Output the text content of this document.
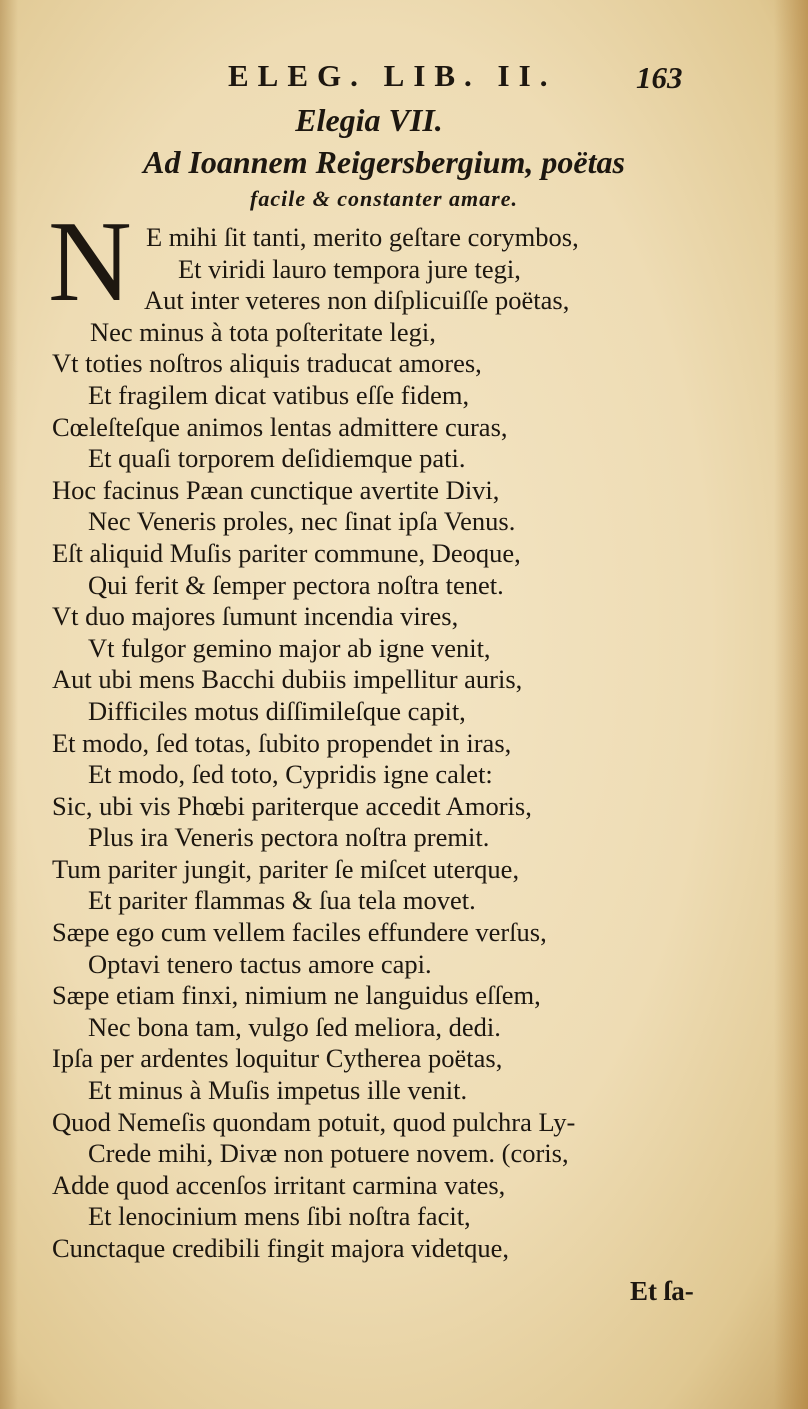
ELEG. LIB. II.	163
Elegia VII.
Ad Ioannem Reigersbergium, poëtas
facile & constanter amare.
N E mihi ſit tanti, merito geſtare corymbos,
Et viridi lauro tempora jure tegi,
Aut inter veteres non diſplicuiſſe poëtas,
Nec minus à tota poſteritate legi,
Vt toties noſtros aliquis traducat amores,
Et fragilem dicat vatibus eſſe fidem,
Cœleſteſque animos lentas admittere curas,
Et quaſi torporem deſidiemque pati.
Hoc facinus Pæan cunctique avertite Divi,
Nec Veneris proles, nec ſinat ipſa Venus.
Eſt aliquid Muſis pariter commune, Deoque,
Qui ferit & ſemper pectora noſtra tenet.
Vt duo majores ſumunt incendia vires,
Vt fulgor gemino major ab igne venit,
Aut ubi mens Bacchi dubiis impellitur auris,
Difficiles motus diſſimileſque capit,
Et modo, ſed totas, ſubito propendet in iras,
Et modo, ſed toto, Cypridis igne calet:
Sic, ubi vis Phœbi pariterque accedit Amoris,
Plus ira Veneris pectora noſtra premit.
Tum pariter jungit, pariter ſe miſcet uterque,
Et pariter flammas & ſua tela movet.
Sæpe ego cum vellem faciles effundere verſus,
Optavi tenero tactus amore capi.
Sæpe etiam finxi, nimium ne languidus eſſem,
Nec bona tam, vulgo ſed meliora, dedi.
Ipſa per ardentes loquitur Cytherea poëtas,
Et minus à Muſis impetus ille venit.
Quod Nemeſis quondam potuit, quod pulchra Ly-
Crede mihi, Divæ non potuere novem. (coris,
Adde quod accenſos irritant carmina vates,
Et lenocinium mens ſibi noſtra facit,
Cunctaque credibili fingit majora videtque,
Et ſa-
